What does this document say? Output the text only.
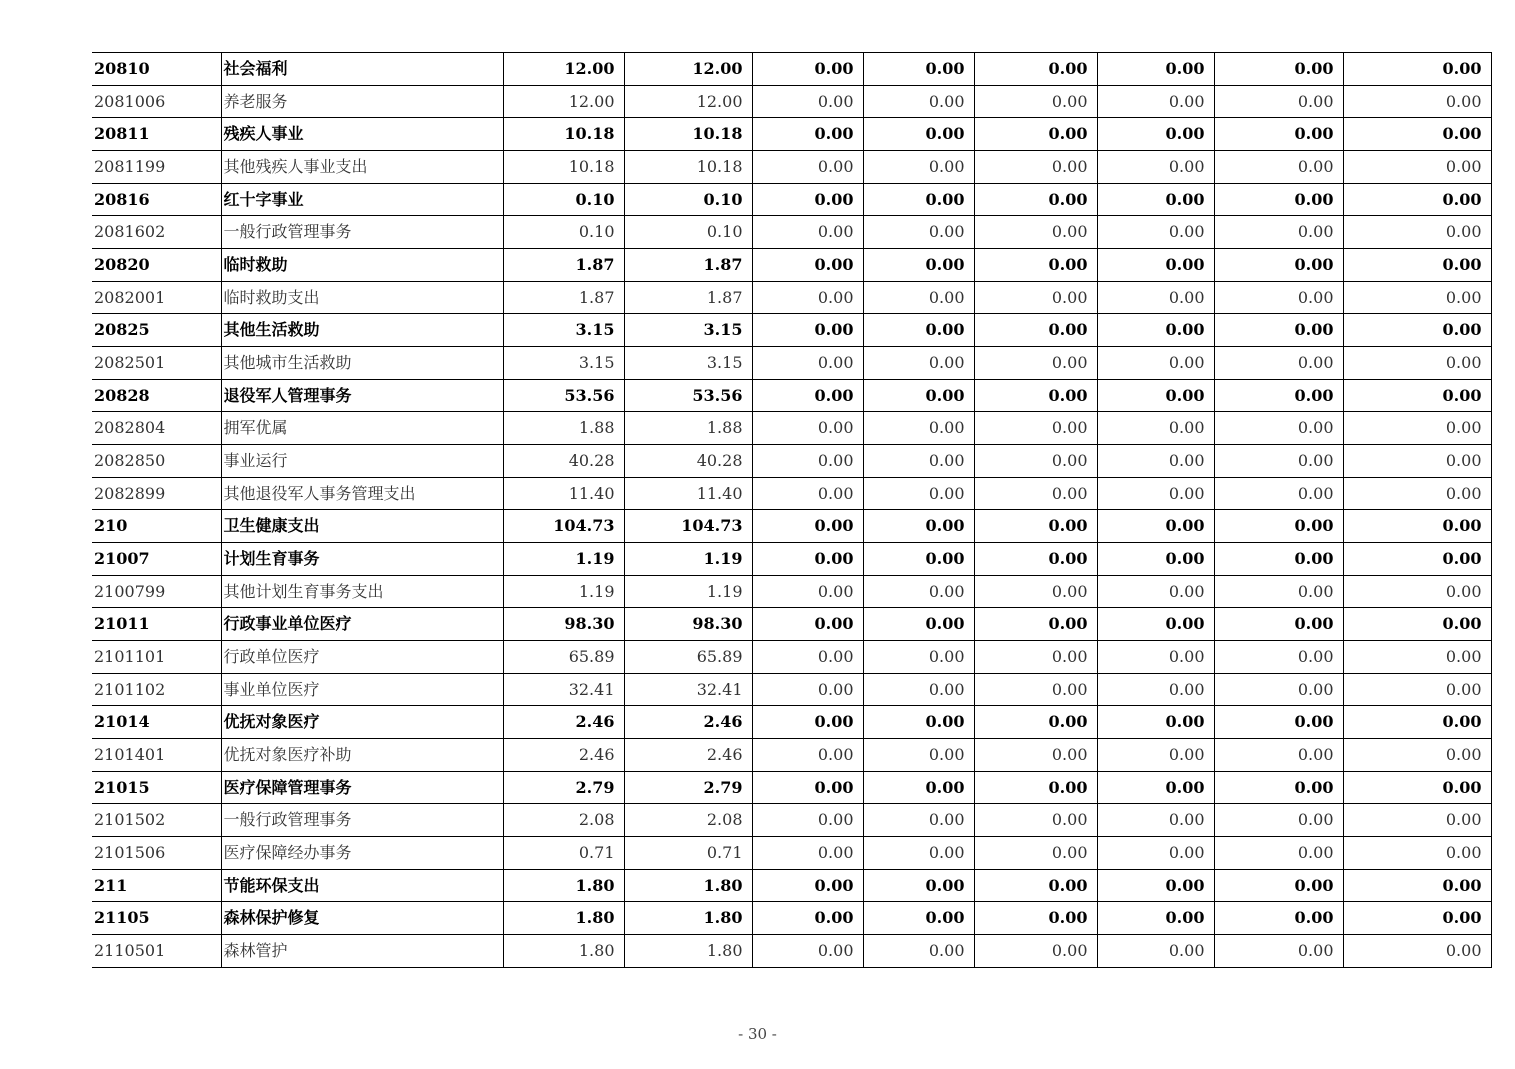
20810	社会福利	12.00	12.00	0.00	0.00	0.00	0.00	0.00	0.00
2081006	养老服务	12.00	12.00	0.00	0.00	0.00	0.00	0.00	0.00
20811	残疾人事业	10.18	10.18	0.00	0.00	0.00	0.00	0.00	0.00
2081199	其他残疾人事业支出	10.18	10.18	0.00	0.00	0.00	0.00	0.00	0.00
20816	红十字事业	0.10	0.10	0.00	0.00	0.00	0.00	0.00	0.00
2081602	一般行政管理事务	0.10	0.10	0.00	0.00	0.00	0.00	0.00	0.00
20820	临时救助	1.87	1.87	0.00	0.00	0.00	0.00	0.00	0.00
2082001	临时救助支出	1.87	1.87	0.00	0.00	0.00	0.00	0.00	0.00
20825	其他生活救助	3.15	3.15	0.00	0.00	0.00	0.00	0.00	0.00
2082501	其他城市生活救助	3.15	3.15	0.00	0.00	0.00	0.00	0.00	0.00
20828	退役军人管理事务	53.56	53.56	0.00	0.00	0.00	0.00	0.00	0.00
2082804	拥军优属	1.88	1.88	0.00	0.00	0.00	0.00	0.00	0.00
2082850	事业运行	40.28	40.28	0.00	0.00	0.00	0.00	0.00	0.00
2082899	其他退役军人事务管理支出	11.40	11.40	0.00	0.00	0.00	0.00	0.00	0.00
210	卫生健康支出	104.73	104.73	0.00	0.00	0.00	0.00	0.00	0.00
21007	计划生育事务	1.19	1.19	0.00	0.00	0.00	0.00	0.00	0.00
2100799	其他计划生育事务支出	1.19	1.19	0.00	0.00	0.00	0.00	0.00	0.00
21011	行政事业单位医疗	98.30	98.30	0.00	0.00	0.00	0.00	0.00	0.00
2101101	行政单位医疗	65.89	65.89	0.00	0.00	0.00	0.00	0.00	0.00
2101102	事业单位医疗	32.41	32.41	0.00	0.00	0.00	0.00	0.00	0.00
21014	优抚对象医疗	2.46	2.46	0.00	0.00	0.00	0.00	0.00	0.00
2101401	优抚对象医疗补助	2.46	2.46	0.00	0.00	0.00	0.00	0.00	0.00
21015	医疗保障管理事务	2.79	2.79	0.00	0.00	0.00	0.00	0.00	0.00
2101502	一般行政管理事务	2.08	2.08	0.00	0.00	0.00	0.00	0.00	0.00
2101506	医疗保障经办事务	0.71	0.71	0.00	0.00	0.00	0.00	0.00	0.00
211	节能环保支出	1.80	1.80	0.00	0.00	0.00	0.00	0.00	0.00
21105	森林保护修复	1.80	1.80	0.00	0.00	0.00	0.00	0.00	0.00
2110501	森林管护	1.80	1.80	0.00	0.00	0.00	0.00	0.00	0.00
- 30 -
